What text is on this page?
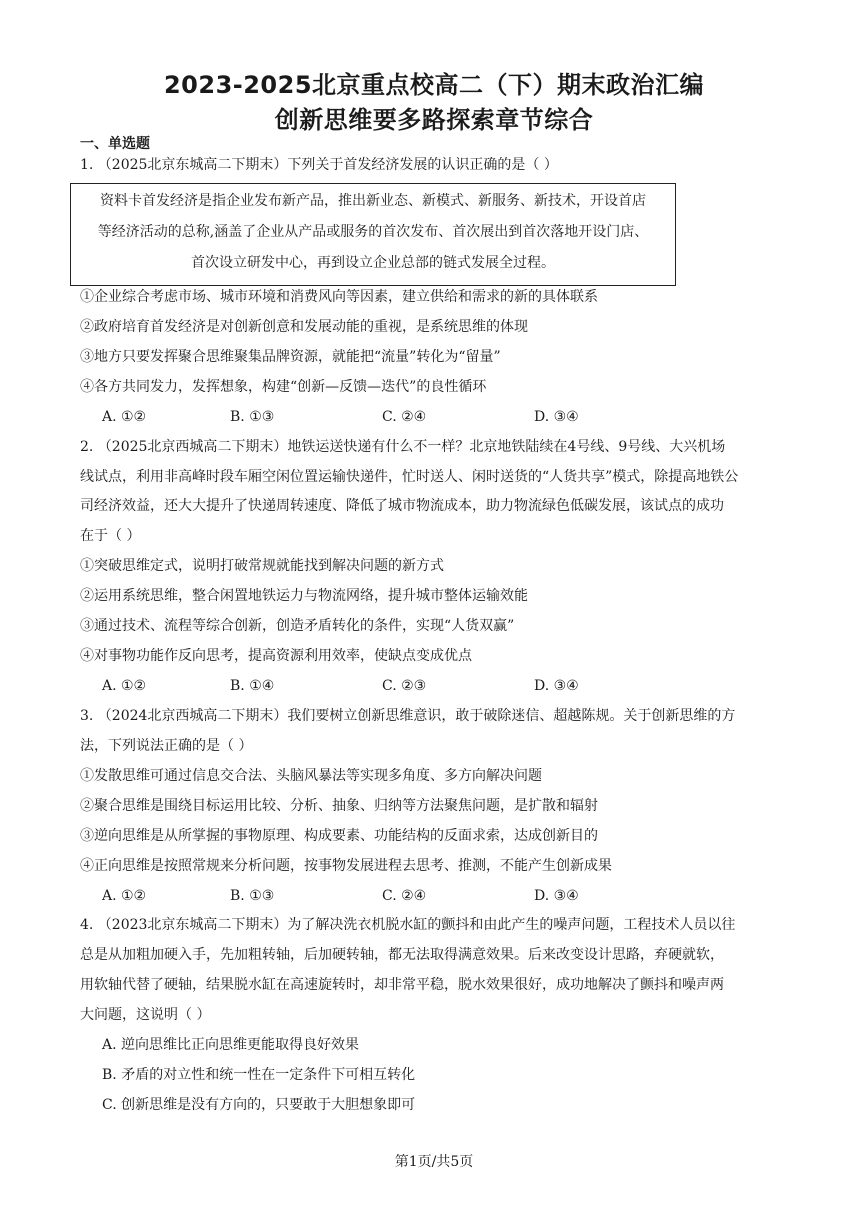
2023-2025北京重点校高二（下）期末政治汇编
创新思维要多路探索章节综合
一、单选题
1. （2025北京东城高二下期末）下列关于首发经济发展的认识正确的是（ ）
资料卡首发经济是指企业发布新产品，推出新业态、新模式、新服务、新技术，开设首店
等经济活动的总称,涵盖了企业从产品或服务的首次发布、首次展出到首次落地开设门店、
首次设立研发中心，再到设立企业总部的链式发展全过程。
①企业综合考虑市场、城市环境和消费风向等因素，建立供给和需求的新的具体联系
②政府培育首发经济是对创新创意和发展动能的重视，是系统思维的体现
③地方只要发挥聚合思维聚集品牌资源，就能把“流量”转化为“留量”
④各方共同发力，发挥想象，构建“创新—反馈—迭代”的良性循环
A. ①②	B. ①③	C. ②④	D. ③④
2. （2025北京西城高二下期末）地铁运送快递有什么不一样？北京地铁陆续在4号线、9号线、大兴机场
线试点，利用非高峰时段车厢空闲位置运输快递件，忙时送人、闲时送货的“人货共享”模式，除提高地铁公
司经济效益，还大大提升了快递周转速度、降低了城市物流成本，助力物流绿色低碳发展，该试点的成功
在于（ ）
①突破思维定式，说明打破常规就能找到解决问题的新方式
②运用系统思维，整合闲置地铁运力与物流网络，提升城市整体运输效能
③通过技术、流程等综合创新，创造矛盾转化的条件，实现“人货双赢”
④对事物功能作反向思考，提高资源利用效率，使缺点变成优点
A. ①②	B. ①④	C. ②③	D. ③④
3. （2024北京西城高二下期末）我们要树立创新思维意识，敢于破除迷信、超越陈规。关于创新思维的方
法，下列说法正确的是（ ）
①发散思维可通过信息交合法、头脑风暴法等实现多角度、多方向解决问题
②聚合思维是围绕目标运用比较、分析、抽象、归纳等方法聚焦问题，是扩散和辐射
③逆向思维是从所掌握的事物原理、构成要素、功能结构的反面求索，达成创新目的
④正向思维是按照常规来分析问题，按事物发展进程去思考、推测，不能产生创新成果
A. ①②	B. ①③	C. ②④	D. ③④
4. （2023北京东城高二下期末）为了解决洗衣机脱水缸的颤抖和由此产生的噪声问题，工程技术人员以往
总是从加粗加硬入手，先加粗转轴，后加硬转轴，都无法取得满意效果。后来改变设计思路，弃硬就软，
用软轴代替了硬轴，结果脱水缸在高速旋转时，却非常平稳，脱水效果很好，成功地解决了颤抖和噪声两
大问题，这说明（ ）
A. 逆向思维比正向思维更能取得良好效果
B. 矛盾的对立性和统一性在一定条件下可相互转化
C. 创新思维是没有方向的，只要敢于大胆想象即可
第1页/共5页
